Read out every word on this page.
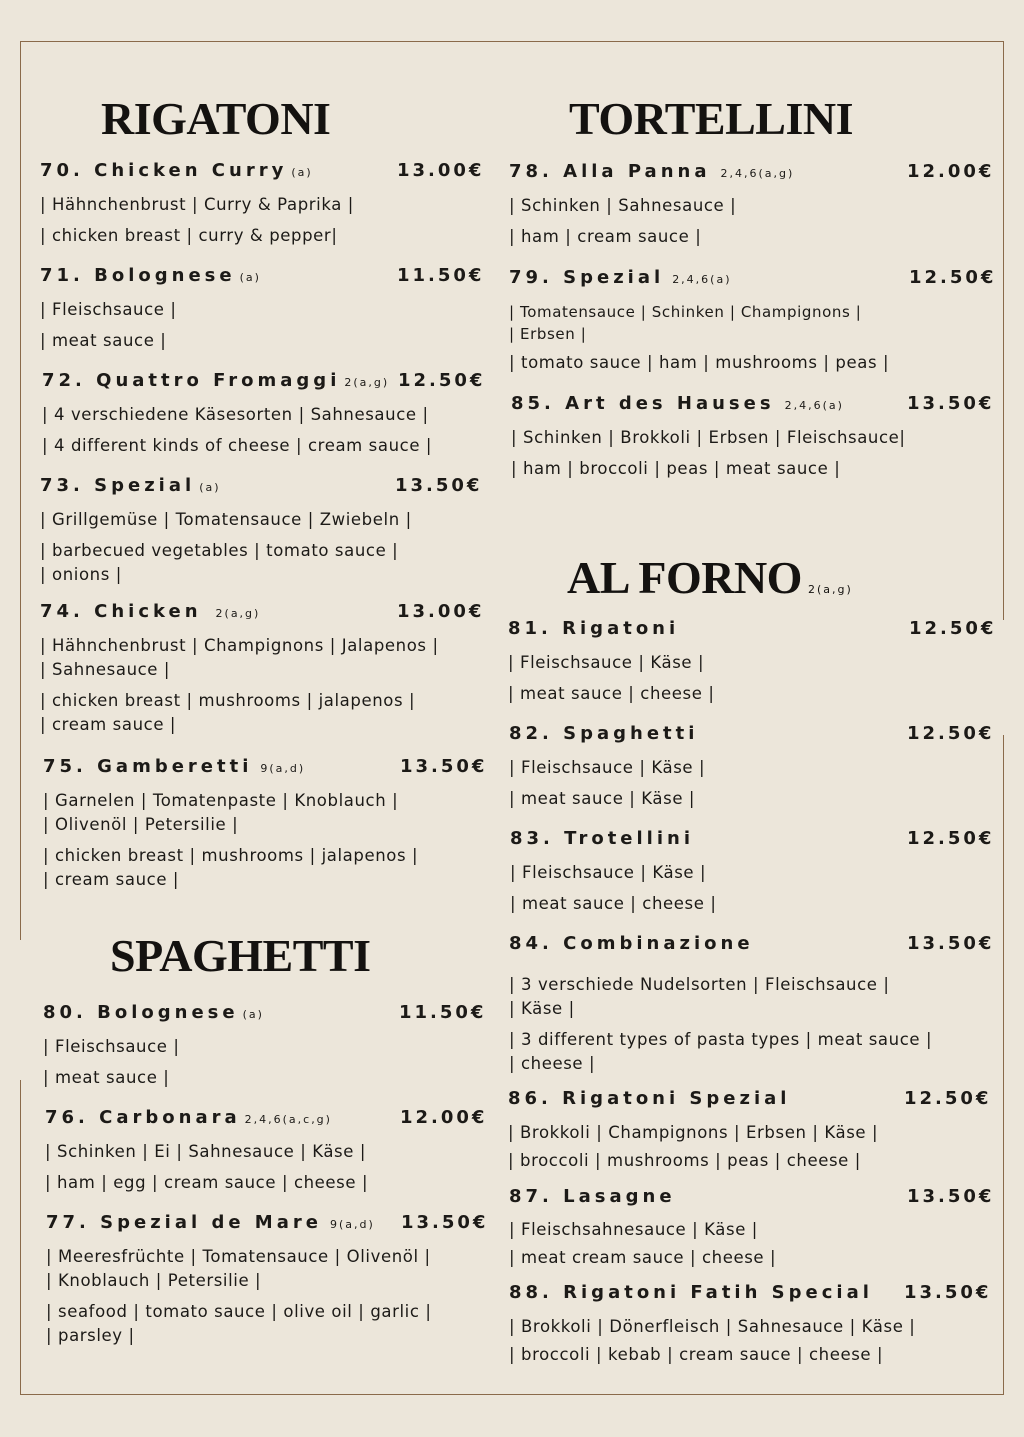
RIGATONI	TORTELLINI
AL FORNO 2(a,g)
SPAGHETTI
70. Chicken Curry (a)	13.00€
| Hähnchenbrust | Curry & Paprika |
| chicken breast | curry & pepper|
71. Bolognese (a)	11.50€
| Fleischsauce |
| meat sauce |
72. Quattro Fromaggi 2(a,g) 12.50€
| 4 verschiedene Käsesorten | Sahnesauce |
| 4 different kinds of cheese | cream sauce |
73. Spezial (a)	13.50€
| Grillgemüse | Tomatensauce | Zwiebeln |
| barbecued vegetables | tomato sauce |
| onions |
74. Chicken 2(a,g)	13.00€
| Hähnchenbrust | Champignons | Jalapenos |
| Sahnesauce |
| chicken breast | mushrooms | jalapenos |
| cream sauce |
75. Gamberetti 9(a,d)	13.50€
| Garnelen | Tomatenpaste | Knoblauch |
| Olivenöl | Petersilie |
| chicken breast | mushrooms | jalapenos |
| cream sauce |
80. Bolognese (a)	11.50€
| Fleischsauce |
| meat sauce |
76. Carbonara 2,4,6(a,c,g)	12.00€
| Schinken | Ei | Sahnesauce | Käse |
| ham | egg | cream sauce | cheese |
77. Spezial de Mare 9(a,d) 13.50€
| Meeresfrüchte | Tomatensauce | Olivenöl |
| Knoblauch | Petersilie |
| seafood | tomato sauce | olive oil | garlic |
| parsley |
78. Alla Panna 2,4,6(a,g)	12.00€
| Schinken | Sahnesauce |
| ham | cream sauce |
79. Spezial 2,4,6(a)	12.50€
| Tomatensauce | Schinken | Champignons |
| Erbsen |
| tomato sauce | ham | mushrooms | peas |
85. Art des Hauses 2,4,6(a)	13.50€
| Schinken | Brokkoli | Erbsen | Fleischsauce|
| ham | broccoli | peas | meat sauce |
81. Rigatoni	12.50€
| Fleischsauce | Käse |
| meat sauce | cheese |
82. Spaghetti	12.50€
| Fleischsauce | Käse |
| meat sauce | Käse |
83. Trotellini	12.50€
| Fleischsauce | Käse |
| meat sauce | cheese |
84. Combinazione	13.50€
| 3 verschiede Nudelsorten | Fleischsauce |
| Käse |
| 3 different types of pasta types | meat sauce |
| cheese |
86. Rigatoni Spezial	12.50€
| Brokkoli | Champignons | Erbsen | Käse |
| broccoli | mushrooms | peas | cheese |
87. Lasagne	13.50€
| Fleischsahnesauce | Käse |
| meat cream sauce | cheese |
88. Rigatoni Fatih Special 13.50€
| Brokkoli | Dönerfleisch | Sahnesauce | Käse |
| broccoli | kebab | cream sauce | cheese |
